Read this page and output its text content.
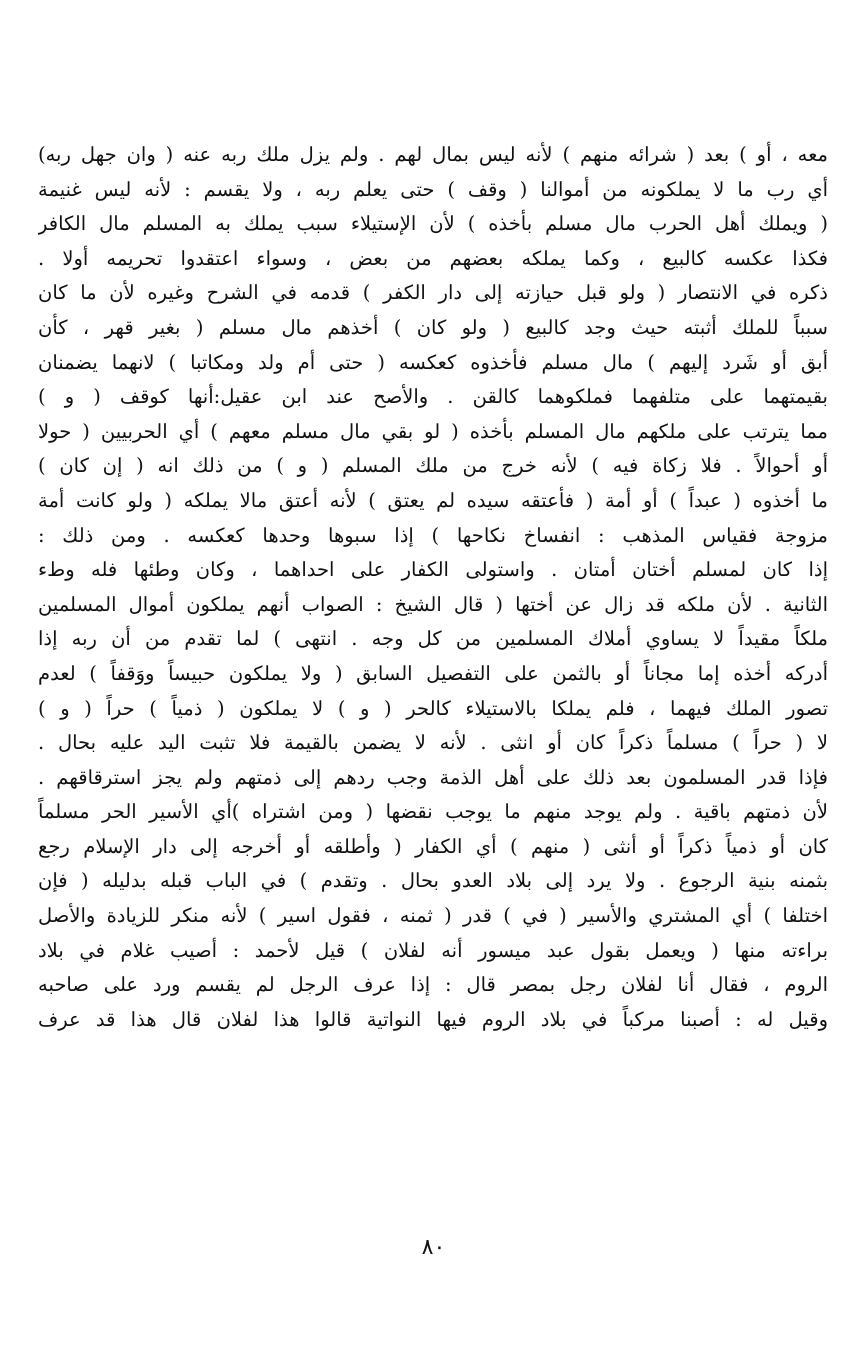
معه ، أو ) بعد ( شرائه منهم ) لأنه ليس بمال لهم . ولم يزل ملك ربه عنه ( وان جهل ربه)
أي رب ما لا يملكونه من أموالنا ( وقف ) حتى يعلم ربه ، ولا يقسم : لأنه ليس غنيمة
( ويملك أهل الحرب مال مسلم بأخذه ) لأن الإستيلاء سبب يملك به المسلم مال الكافر
فكذا عكسه كالبيع ، وكما يملكه بعضهم من بعض ، وسواء اعتقدوا تحريمه أولا .
ذكره في الانتصار ( ولو قبل حيازته إلى دار الكفر ) قدمه في الشرح وغيره لأن ما كان
سبباً للملك أثبته حيث وجد كالبيع ( ولو كان ) أخذهم مال مسلم ( بغير قهر ، كأن
أبق أو شَرد إليهم ) مال مسلم فأخذوه كعكسه ( حتى أم ولد ومكاتبا ) لانهما يضمنان
بقيمتهما على متلفهما فملكوهما كالقن . والأصح عند ابن عقيل:أنها كوقف ( و )
مما يترتب على ملكهم مال المسلم بأخذه ( لو بقي مال مسلم معهم ) أي الحربيين ( حولا
أو أحوالاً . فلا زكاة فيه ) لأنه خرج من ملك المسلم ( و ) من ذلك انه ( إن كان )
ما أخذوه ( عبداً ) أو أمة ( فأعتقه سيده لم يعتق ) لأنه أعتق مالا يملكه ( ولو كانت أمة
مزوجة فقياس المذهب : انفساخ نكاحها ) إذا سبوها وحدها كعكسه . ومن ذلك :
إذا كان لمسلم أختان أمتان . واستولى الكفار على احداهما ، وكان وطئها فله وطء
الثانية . لأن ملكه قد زال عن أختها ( قال الشيخ : الصواب أنهم يملكون أموال المسلمين
ملكاً مقيداً لا يساوي أملاك المسلمين من كل وجه . انتهى ) لما تقدم من أن ربه إذا
أدركه أخذه إما مجاناً أو بالثمن على التفصيل السابق ( ولا يملكون حبيساً ووَقفاً ) لعدم
تصور الملك فيهما ، فلم يملكا بالاستيلاء كالحر ( و ) لا يملكون ( ذمياً ) حراً ( و )
لا ( حراً ) مسلماً ذكراً كان أو انثى . لأنه لا يضمن بالقيمة فلا تثبت اليد عليه بحال .
فإذا قدر المسلمون بعد ذلك على أهل الذمة وجب ردهم إلى ذمتهم ولم يجز استرقاقهم .
لأن ذمتهم باقية . ولم يوجد منهم ما يوجب نقضها ( ومن اشتراه )أي الأسير الحر مسلماً
كان أو ذمياً ذكراً أو أنثى ( منهم ) أي الكفار ( وأطلقه أو أخرجه إلى دار الإسلام رجع
بثمنه بنية الرجوع . ولا يرد إلى بلاد العدو بحال . وتقدم ) في الباب قبله بدليله ( فإن
اختلفا ) أي المشتري والأسير ( في ) قدر ( ثمنه ، فقول اسير ) لأنه منكر للزيادة والأصل
براءته منها ( ويعمل بقول عبد ميسور أنه لفلان ) قيل لأحمد : أصيب غلام في بلاد
الروم ، فقال أنا لفلان رجل بمصر قال : إذا عرف الرجل لم يقسم ورد على صاحبه
وقيل له : أصبنا مركباً في بلاد الروم فيها النواتية قالوا هذا لفلان قال هذا قد عرف
٨٠
